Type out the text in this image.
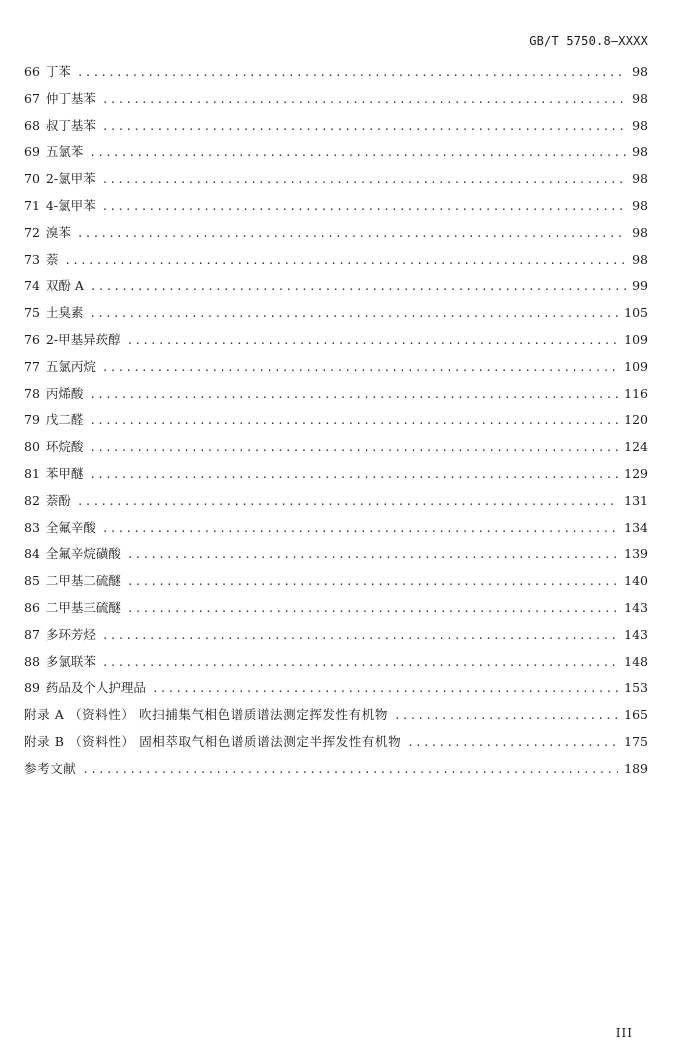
GB/T 5750.8—XXXX
66 丁苯 .....	98
67 仲丁基苯 .....	98
68 叔丁基苯 .....	98
69 五氯苯 .....	98
70 2-氯甲苯 .....	98
71 4-氯甲苯 .....	98
72 溴苯 .....	98
73 萘 .....	98
74 双酚 A .....	99
75 土臭素 .....	105
76 2-甲基异莰醇 .....	109
77 五氯丙烷 .....	109
78 丙烯酸 .....	116
79 戊二醛 .....	120
80 环烷酸 .....	124
81 苯甲醚 .....	129
82 萘酚 .....	131
83 全氟辛酸 .....	134
84 全氟辛烷磺酸 .....	139
85 二甲基二硫醚 .....	140
86 二甲基三硫醚 .....	143
87 多环芳烃 .....	143
88 多氯联苯 .....	148
89 药品及个人护理品 .....	153
附录 A （资料性） 吹扫捕集气相色谱质谱法测定挥发性有机物 .....	165
附录 B （资料性） 固相萃取气相色谱质谱法测定半挥发性有机物 .....	175
参考文献 .....	189
III
